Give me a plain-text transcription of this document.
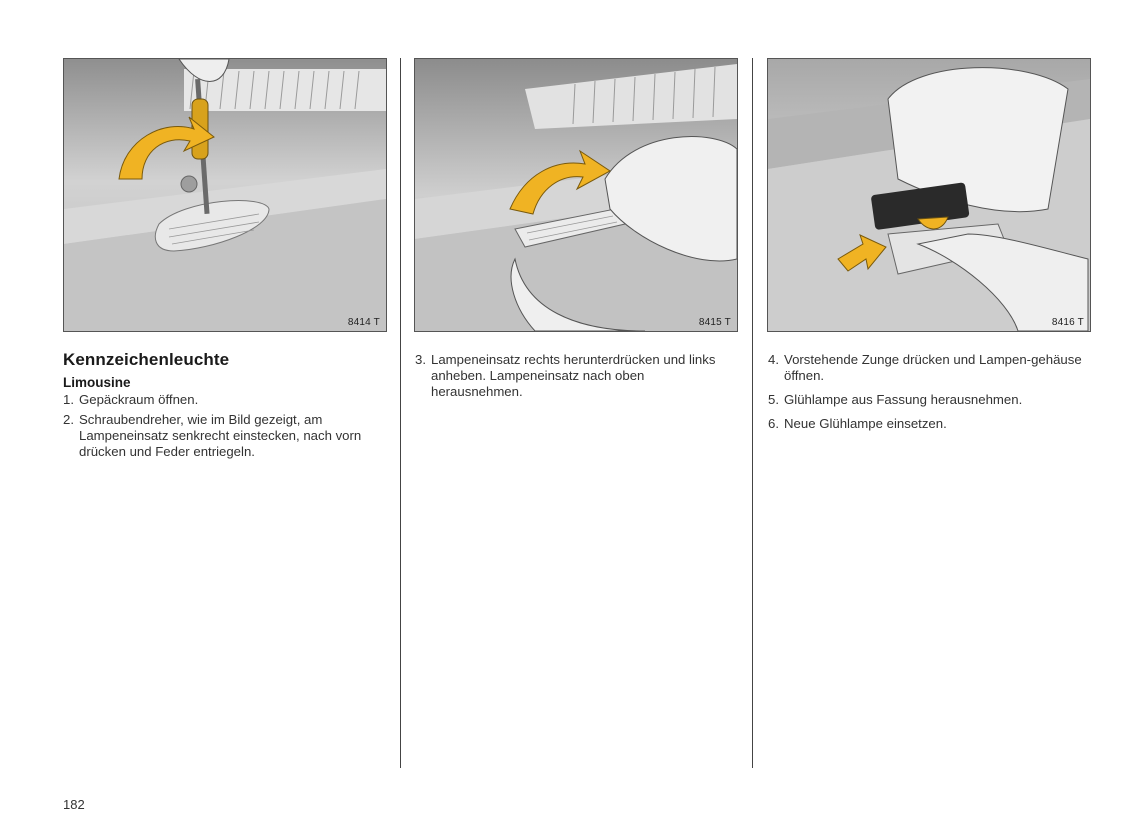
8414 T	8415 T	8416 T
Kennzeichenleuchte
Limousine
1. Gepäckraum öffnen.
2. Schraubendreher, wie im Bild gezeigt, am Lampeneinsatz senkrecht einstecken, nach vorn drücken und Feder entriegeln.
3. Lampeneinsatz rechts herunterdrücken und links anheben. Lampeneinsatz nach oben herausnehmen.
4. Vorstehende Zunge drücken und Lampen-gehäuse öffnen.
5. Glühlampe aus Fassung herausnehmen.
6. Neue Glühlampe einsetzen.
182
